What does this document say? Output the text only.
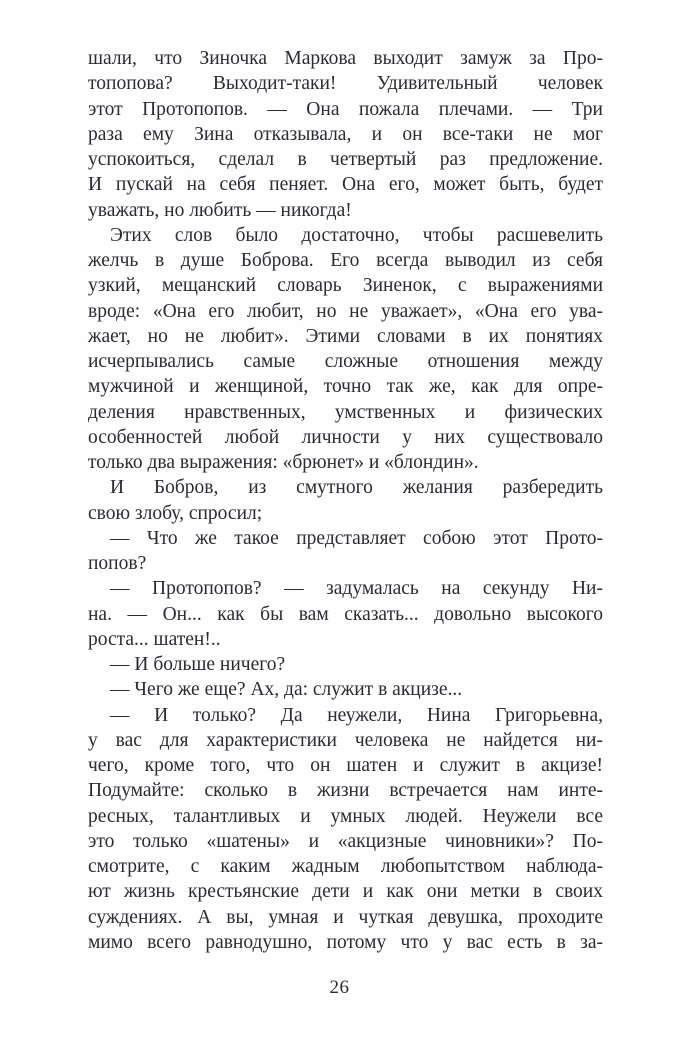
шали, что Зиночка Маркова выходит замуж за Про-
топопова? Выходит-таки! Удивительный человек
этот Протопопов. — Она пожала плечами. — Три
раза ему Зина отказывала, и он все-таки не мог
успокоиться, сделал в четвертый раз предложение.
И пускай на себя пеняет. Она его, может быть, будет
уважать, но любить — никогда!
Этих слов было достаточно, чтобы расшевелить
желчь в душе Боброва. Его всегда выводил из себя
узкий, мещанский словарь Зиненок, с выражениями
вроде: «Она его любит, но не уважает», «Она его ува-
жает, но не любит». Этими словами в их понятиях
исчерпывались самые сложные отношения между
мужчиной и женщиной, точно так же, как для опре-
деления нравственных, умственных и физических
особенностей любой личности у них существовало
только два выражения: «брюнет» и «блондин».
И Бобров, из смутного желания разбередить
свою злобу, спросил;
— Что же такое представляет собою этот Прото-
попов?
— Протопопов? — задумалась на секунду Ни-
на. — Он... как бы вам сказать... довольно высокого
роста... шатен!..
— И больше ничего?
— Чего же еще? Ах, да: служит в акцизе...
— И только? Да неужели, Нина Григорьевна,
у вас для характеристики человека не найдется ни-
чего, кроме того, что он шатен и служит в акцизе!
Подумайте: сколько в жизни встречается нам инте-
ресных, талантливых и умных людей. Неужели все
это только «шатены» и «акцизные чиновники»? По-
смотрите, с каким жадным любопытством наблюда-
ют жизнь крестьянские дети и как они метки в своих
суждениях. А вы, умная и чуткая девушка, проходите
мимо всего равнодушно, потому что у вас есть в за-
26
